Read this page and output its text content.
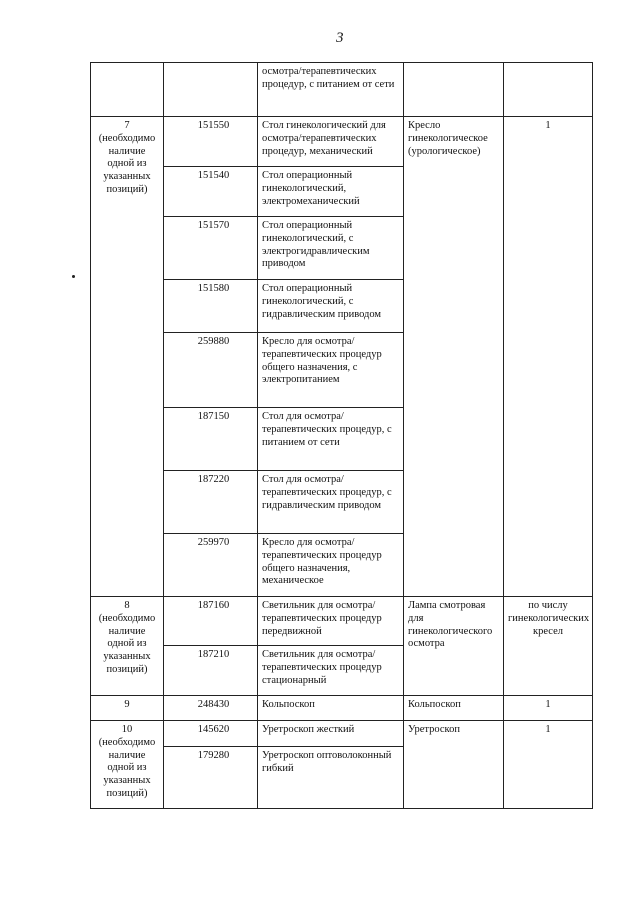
3
		осмотра/терапевтических процедур, с питанием от сети		
7 (необходимо наличие одной из указанных позиций)	151550	Стол гинекологический для осмотра/терапевтических процедур, механический	Кресло гинекологическое (урологическое)	1
	151540	Стол операционный гинекологический, электромеханический		
	151570	Стол операционный гинекологический, с электрогидравлическим приводом		
	151580	Стол операционный гинекологический, с гидравлическим приводом		
	259880	Кресло для осмотра/терапевтических процедур общего назначения, с электропитанием		
	187150	Стол для осмотра/терапевтических процедур, с питанием от сети		
	187220	Стол для осмотра/терапевтических процедур, с гидравлическим приводом		
	259970	Кресло для осмотра/терапевтических процедур общего назначения, механическое		
8 (необходимо наличие одной из указанных позиций)	187160	Светильник для осмотра/терапевтических процедур передвижной	Лампа смотровая для гинекологического осмотра	по числу гинекологических кресел
	187210	Светильник для осмотра/терапевтических процедур стационарный		
9	248430	Кольпоскоп	Кольпоскоп	1
10 (необходимо наличие одной из указанных позиций)	145620	Уретроскоп жесткий	Уретроскоп	1
	179280	Уретроскоп оптоволоконный гибкий		
